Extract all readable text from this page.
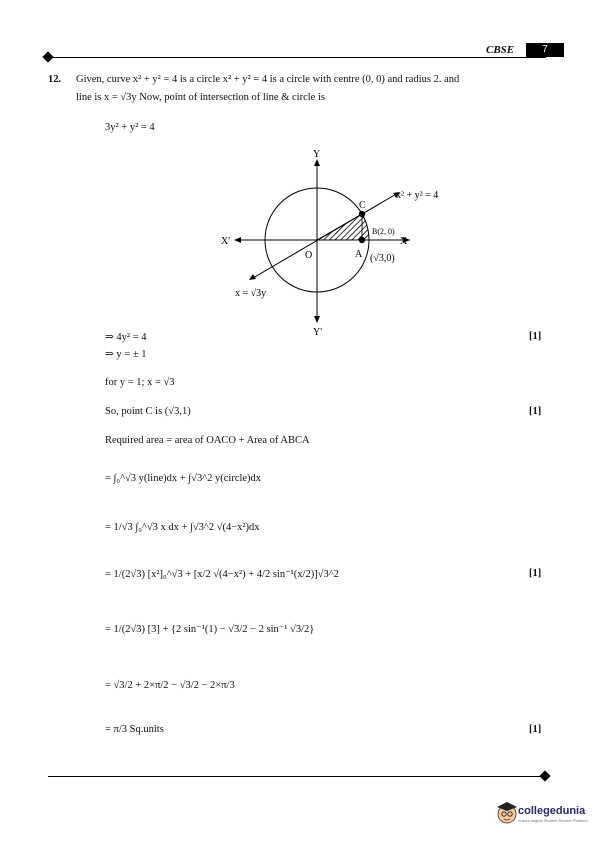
CBSE	7
12. Given, curve x² + y² = 4 is a circle x² + y² = 4 is a circle with centre (0, 0) and radius 2. and
line is x = √3y Now, point of intersection of line & circle is
3y² + y² = 4
Y
Y'
X
X'
O
C
B(2, 0)
A (√3,0)
x² + y² = 4
x = √3y
⇒ 4y² = 4	[1]
⇒ y = ± 1
for y = 1; x = √3
So, point C is (√3,1)	[1]
Required area = area of OACO + Area of ABCA
= ∫₀^√3 y(line)dx + ∫√3^2 y(circle)dx
= 1/√3 ∫₀^√3 x dx + ∫√3^2 √(4−x²)dx
= 1/(2√3) [x²]₀^√3 + [x/2 √(4−x²) + 4/2 sin⁻¹(x/2)]√3^2	[1]
= 1/(2√3) [3] + {2 sin⁻¹(1) − √3/2 − 2 sin⁻¹ √3/2}
= √3/2 + 2×π/2 − √3/2 − 2×π/3
= π/3 Sq.units	[1]
collegedunia
India's largest Student Review Platform
